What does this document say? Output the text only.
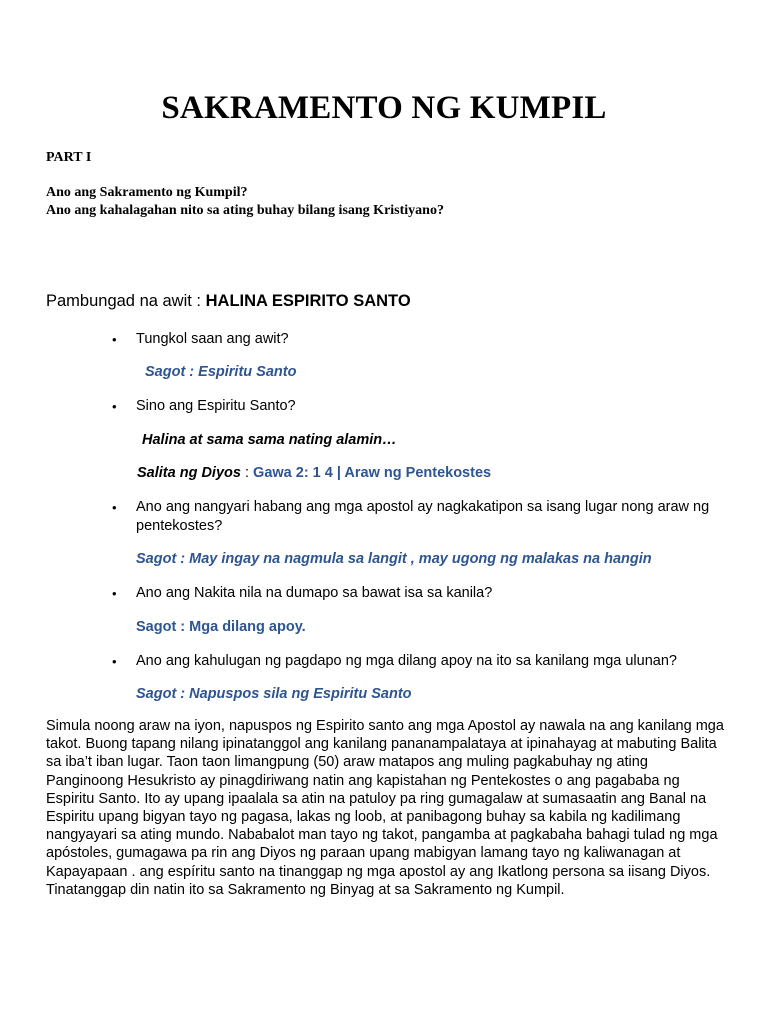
SAKRAMENTO NG KUMPIL
PART I
Ano ang Sakramento ng Kumpil?
Ano ang kahalagahan nito sa ating buhay bilang isang Kristiyano?
Pambungad na awit : HALINA ESPIRITO SANTO
• Tungkol saan ang awit?
Sagot : Espiritu Santo
• Sino ang Espiritu Santo?
Halina at sama sama nating alamin…
Salita ng Diyos : Gawa 2: 1 4 | Araw ng Pentekostes
• Ano ang nangyari habang ang mga apostol ay nagkakatipon sa isang lugar nong araw ng pentekostes?
Sagot : May ingay na nagmula sa langit , may ugong ng malakas na hangin
• Ano ang Nakita nila na dumapo sa bawat isa sa kanila?
Sagot : Mga dilang apoy.
• Ano ang kahulugan ng pagdapo ng mga dilang apoy na ito sa kanilang mga ulunan?
Sagot : Napuspos sila ng Espiritu Santo
Simula noong araw na iyon, napuspos ng Espirito santo ang mga Apostol ay nawala na ang kanilang mga takot. Buong tapang nilang ipinatanggol ang kanilang pananampalataya at ipinahayag at mabuting Balita sa iba’t iban lugar. Taon taon limangpung (50) araw matapos ang muling pagkabuhay ng ating Panginoong Hesukristo ay pinagdiriwang natin ang kapistahan ng Pentekostes o ang pagababa ng Espiritu Santo. Ito ay upang ipaalala sa atin na patuloy pa ring gumagalaw at sumasaatin ang Banal na Espiritu upang bigyan tayo ng pagasa, lakas ng loob, at panibagong buhay sa kabila ng kadilimang nangyayari sa ating mundo. Nababalot man tayo ng takot, pangamba at pagkabaha bahagi tulad ng mga apóstoles, gumagawa pa rin ang Diyos ng paraan upang mabigyan lamang tayo ng kaliwanagan at Kapayapaan . ang espíritu santo na tinanggap ng mga apostol ay ang Ikatlong persona sa iisang Diyos. Tinatanggap din natin ito sa Sakramento ng Binyag at sa Sakramento ng Kumpil.
